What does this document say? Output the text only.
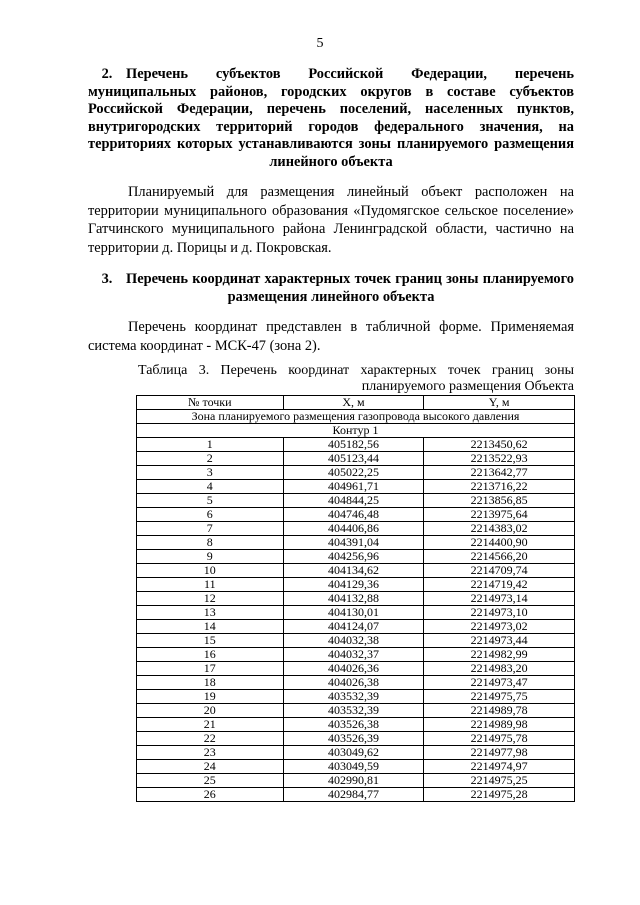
5
2. Перечень субъектов Российской Федерации, перечень муниципальных районов, городских округов в составе субъектов Российской Федерации, перечень поселений, населенных пунктов, внутригородских территорий городов федерального значения, на территориях которых устанавливаются зоны планируемого размещения линейного объекта
Планируемый для размещения линейный объект расположен на территории муниципального образования «Пудомягское сельское поселение» Гатчинского муниципального района Ленинградской области, частично на территории д. Порицы и д. Покровская.
3. Перечень координат характерных точек границ зоны планируемого размещения линейного объекта
Перечень координат представлен в табличной форме. Применяемая система координат - МСК-47 (зона 2).
Таблица 3. Перечень координат характерных точек границ зоны планируемого размещения Объекта
№ точки	X, м	Y, м
Зона планируемого размещения газопровода высокого давления		
Контур 1		
1	405182,56	2213450,62
2	405123,44	2213522,93
3	405022,25	2213642,77
4	404961,71	2213716,22
5	404844,25	2213856,85
6	404746,48	2213975,64
7	404406,86	2214383,02
8	404391,04	2214400,90
9	404256,96	2214566,20
10	404134,62	2214709,74
11	404129,36	2214719,42
12	404132,88	2214973,14
13	404130,01	2214973,10
14	404124,07	2214973,02
15	404032,38	2214973,44
16	404032,37	2214982,99
17	404026,36	2214983,20
18	404026,38	2214973,47
19	403532,39	2214975,75
20	403532,39	2214989,78
21	403526,38	2214989,98
22	403526,39	2214975,78
23	403049,62	2214977,98
24	403049,59	2214974,97
25	402990,81	2214975,25
26	402984,77	2214975,28
